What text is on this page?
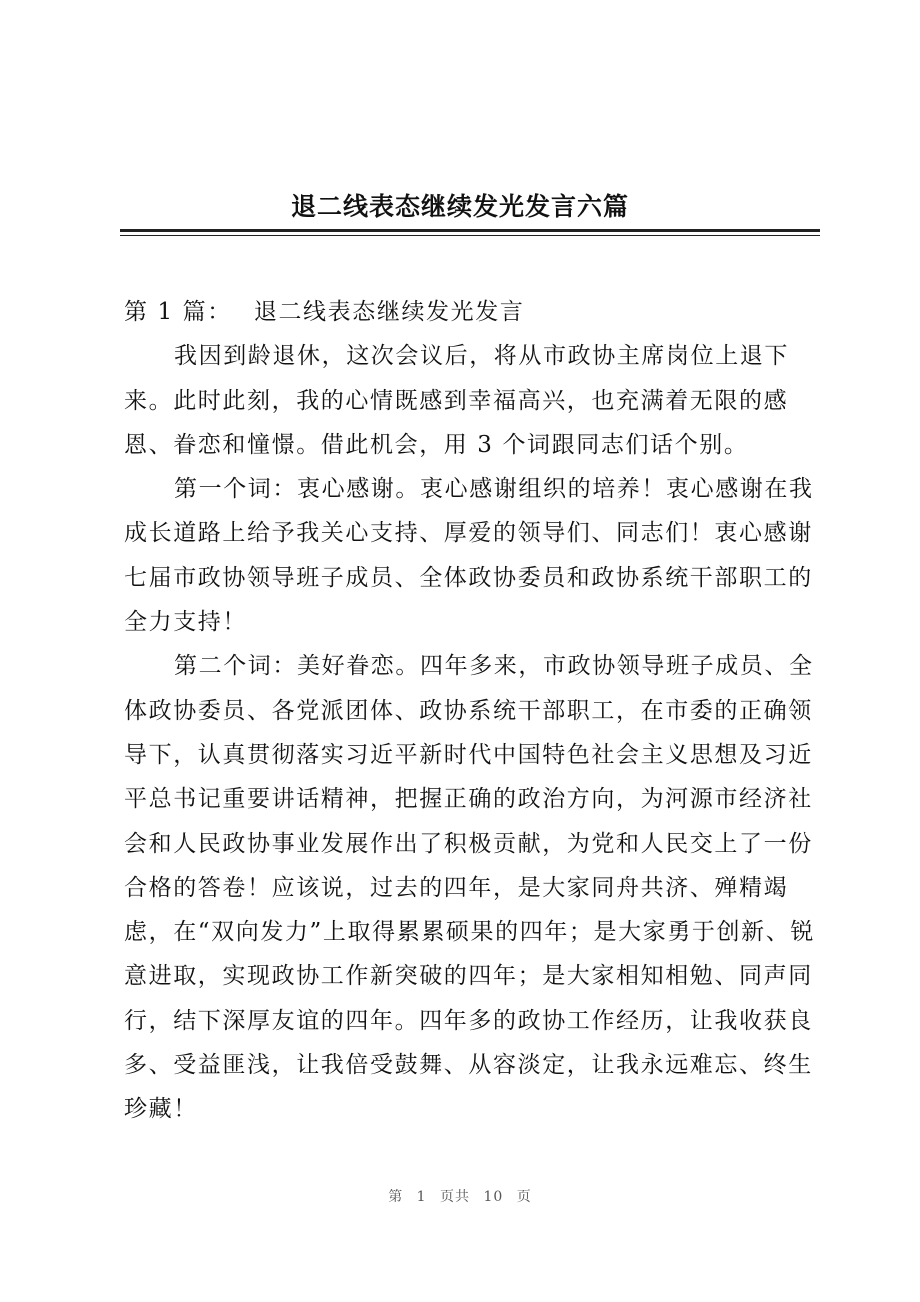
退二线表态继续发光发言六篇

第 1 篇： 退二线表态继续发光发言

我因到龄退休，这次会议后，将从市政协主席岗位上退下来。此时此刻，我的心情既感到幸福高兴，也充满着无限的感恩、眷恋和憧憬。借此机会，用 3 个词跟同志们话个别。

第一个词：衷心感谢。衷心感谢组织的培养！衷心感谢在我成长道路上给予我关心支持、厚爱的领导们、同志们！衷心感谢七届市政协领导班子成员、全体政协委员和政协系统干部职工的全力支持！

第二个词：美好眷恋。四年多来，市政协领导班子成员、全体政协委员、各党派团体、政协系统干部职工，在市委的正确领导下，认真贯彻落实习近平新时代中国特色社会主义思想及习近平总书记重要讲话精神，把握正确的政治方向，为河源市经济社会和人民政协事业发展作出了积极贡献，为党和人民交上了一份合格的答卷！应该说，过去的四年，是大家同舟共济、殚精竭虑，在“双向发力”上取得累累硕果的四年；是大家勇于创新、锐意进取，实现政协工作新突破的四年；是大家相知相勉、同声同行，结下深厚友谊的四年。四年多的政协工作经历，让我收获良多、受益匪浅，让我倍受鼓舞、从容淡定，让我永远难忘、终生珍藏！

第 1 页共 10 页
